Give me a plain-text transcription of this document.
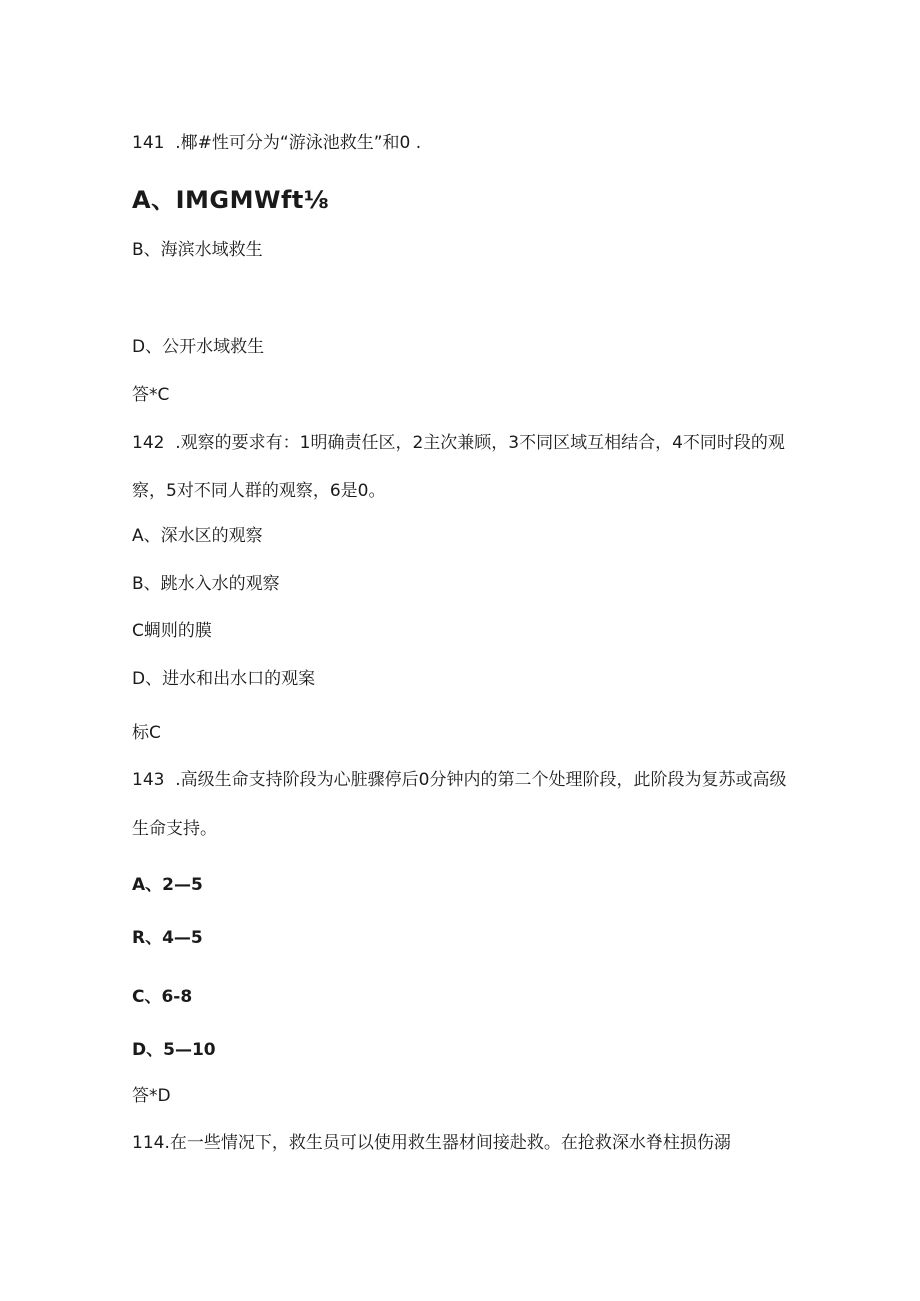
141  .椰#性可分为“游泳池救生”和0 .
A、IMGMWft⅛
B、海滨水域救生
D、公开水域救生
答*C
142  .观察的要求有：1明确责任区，2主次兼顾，3不同区域互相结合，4不同时段的观
察，5对不同人群的观察，6是0。
A、深水区的观察
B、跳水入水的观察
C蜩则的膜
D、进水和出水口的观案
标C
143  .高级生命支持阶段为心脏骤停后0分钟内的第二个处理阶段，此阶段为复苏或高级
生命支持。
A、2—5
R、4—5
C、6-8
D、5—10
答*D
114.在一些情况下，救生员可以使用救生器材间接赴救。在抢救深水脊柱损伤溺
